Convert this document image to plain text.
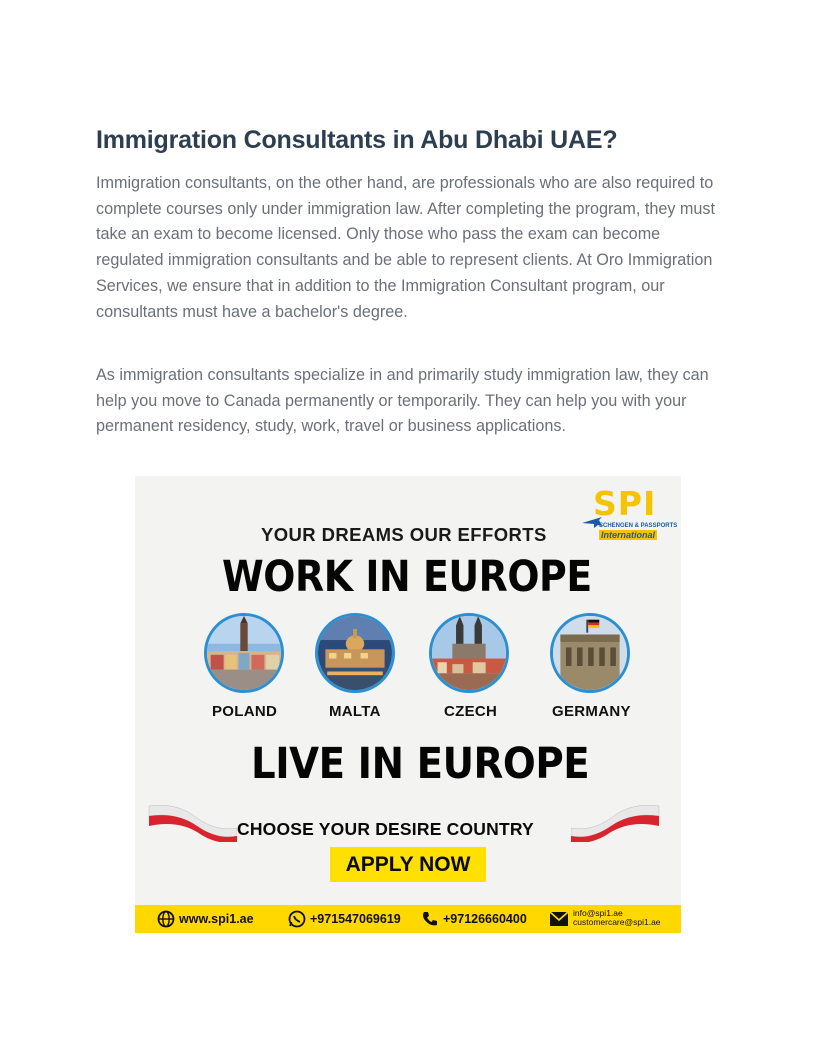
Immigration Consultants in Abu Dhabi UAE?

Immigration consultants, on the other hand, are professionals who are also required to complete courses only under immigration law. After completing the program, they must take an exam to become licensed. Only those who pass the exam can become regulated immigration consultants and be able to represent clients. At Oro Immigration Services, we ensure that in addition to the Immigration Consultant program, our consultants must have a bachelor's degree.

As immigration consultants specialize in and primarily study immigration law, they can help you move to Canada permanently or temporarily. They can help you with your permanent residency, study, work, travel or business applications.

SPI
SCHENGEN & PASSPORTS
International
YOUR DREAMS OUR EFFORTS
WORK IN EUROPE
POLAND	MALTA	CZECH	GERMANY
LIVE IN EUROPE
CHOOSE YOUR DESIRE COUNTRY
APPLY NOW
www.spi1.ae	+971547069619	+97126660400	info@spi1.ae
customercare@spi1.ae
